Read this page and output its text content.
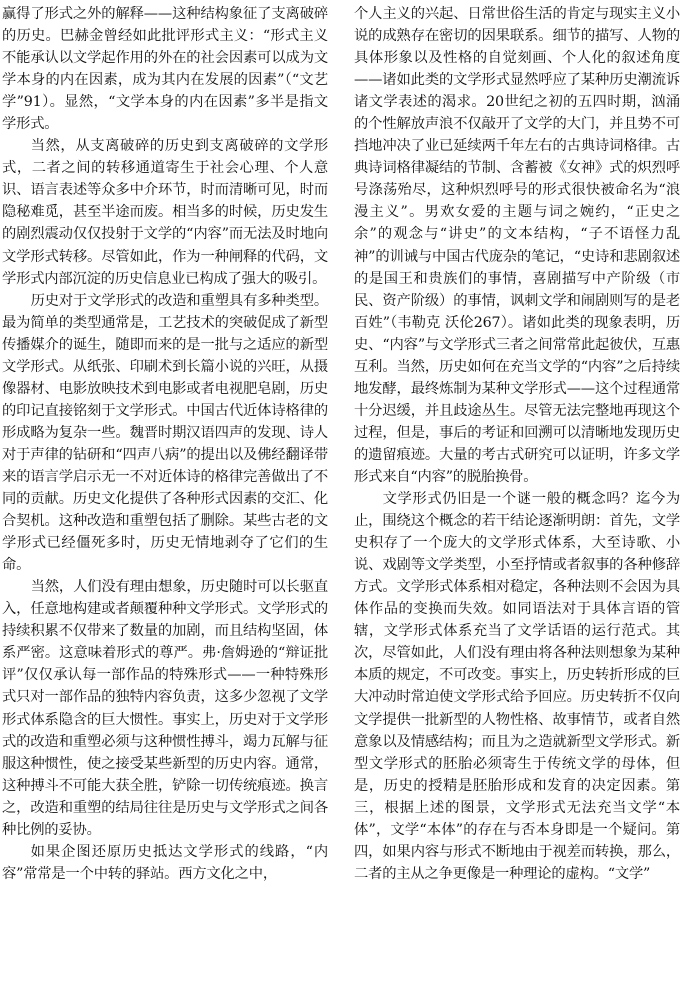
赢得了形式之外的解释——这种结构象征了支离破碎的历史。巴赫金曾经如此批评形式主义：“形式主义不能承认以文学起作用的外在的社会因素可以成为文学本身的内在因素，成为其内在发展的因素”（“文艺学”91）。显然，“文学本身的内在因素”多半是指文学形式。

当然，从支离破碎的历史到支离破碎的文学形式，二者之间的转移通道寄生于社会心理、个人意识、语言表述等众多中介环节，时而清晰可见，时而隐秘难觅，甚至半途而废。相当多的时候，历史发生的剧烈震动仅仅投射于文学的“内容”而无法及时地向文学形式转移。尽管如此，作为一种闸释的代码，文学形式内部沉淀的历史信息业已构成了强大的吸引。

历史对于文学形式的改造和重塑具有多种类型。最为简单的类型通常是，工艺技术的突破促成了新型传播媒介的诞生，随即而来的是一批与之适应的新型文学形式。从纸张、印刷术到长篇小说的兴旺，从摄像器材、电影放映技术到电影或者电视肥皂剧，历史的印记直接铭刻于文学形式。中国古代近体诗格律的形成略为复杂一些。魏晋时期汉语四声的发现、诗人对于声律的钻研和“四声八病”的提出以及佛经翻译带来的语言学启示无一不对近体诗的格律完善做出了不同的贡献。历史文化提供了各种形式因素的交汇、化合契机。这种改造和重塑包括了删除。某些古老的文学形式已经僵死多时，历史无情地剥夺了它们的生命。

当然，人们没有理由想象，历史随时可以长驱直入，任意地构建或者颠覆种种文学形式。文学形式的持续积累不仅带来了数量的加剧，而且结构坚固，体系严密。这意味着形式的尊严。弗·詹姆逊的“辩证批评”仅仅承认每一部作品的特殊形式——一种特殊形式只对一部作品的独特内容负责，这多少忽视了文学形式体系隐含的巨大惯性。事实上，历史对于文学形式的改造和重塑必须与这种惯性搏斗，竭力瓦解与征服这种惯性，使之接受某些新型的历史内容。通常，这种搏斗不可能大获全胜，铲除一切传统痕迹。换言之，改造和重塑的结局往往是历史与文学形式之间各种比例的妥协。

如果企图还原历史抵达文学形式的线路，“内容”常常是一个中转的驿站。西方文化之中，

个人主义的兴起、日常世俗生活的肯定与现实主义小说的成熟存在密切的因果联系。细节的描写、人物的具体形象以及性格的自觉刻画、个人化的叙述角度——诸如此类的文学形式显然呼应了某种历史潮流诉诸文学表述的渴求。20世纪之初的五四时期，汹涌的个性解放声浪不仅敲开了文学的大门，并且势不可挡地冲决了业已延续两千年左右的古典诗词格律。古典诗词格律凝结的节制、含蓄被《女神》式的炽烈呼号涤荡殆尽，这种炽烈呼号的形式很快被命名为“浪漫主义”。男欢女爱的主题与词之婉约，“正史之余”的观念与“讲史”的文本结构，“子不语怪力乱神”的训诫与中国古代庞杂的笔记，“史诗和悲剧叙述的是国王和贵族们的事情，喜剧描写中产阶级（市民、资产阶级）的事情，讽刺文学和闹剧则写的是老百姓”（韦勒克 沃伦267）。诸如此类的现象表明，历史、“内容”与文学形式三者之间常常此起彼伏，互惠互利。当然，历史如何在充当文学的“内容”之后持续地发酵，最终炼制为某种文学形式——这个过程通常十分迟缓，并且歧途丛生。尽管无法完整地再现这个过程，但是，事后的考证和回溯可以清晰地发现历史的遗留痕迹。大量的考古式研究可以证明，许多文学形式来自“内容”的脱胎换骨。

文学形式仍旧是一个谜一般的概念吗？迄今为止，围绕这个概念的若干结论逐渐明朗：首先，文学史积存了一个庞大的文学形式体系，大至诗歌、小说、戏剧等文学类型，小至抒情或者叙事的各种修辞方式。文学形式体系相对稳定，各种法则不会因为具体作品的变换而失效。如同语法对于具体言语的管辖，文学形式体系充当了文学话语的运行范式。其次，尽管如此，人们没有理由将各种法则想象为某种本质的规定，不可改变。事实上，历史转折形成的巨大冲动时常迫使文学形式给予回应。历史转折不仅向文学提供一批新型的人物性格、故事情节，或者自然意象以及情感结构；而且为之造就新型文学形式。新型文学形式的胚胎必须寄生于传统文学的母体，但是，历史的授精是胚胎形成和发育的决定因素。第三，根据上述的图景，文学形式无法充当文学“本体”，文学“本体”的存在与否本身即是一个疑问。第四，如果内容与形式不断地由于视差而转换，那么，二者的主从之争更像是一种理论的虚构。“文学”
